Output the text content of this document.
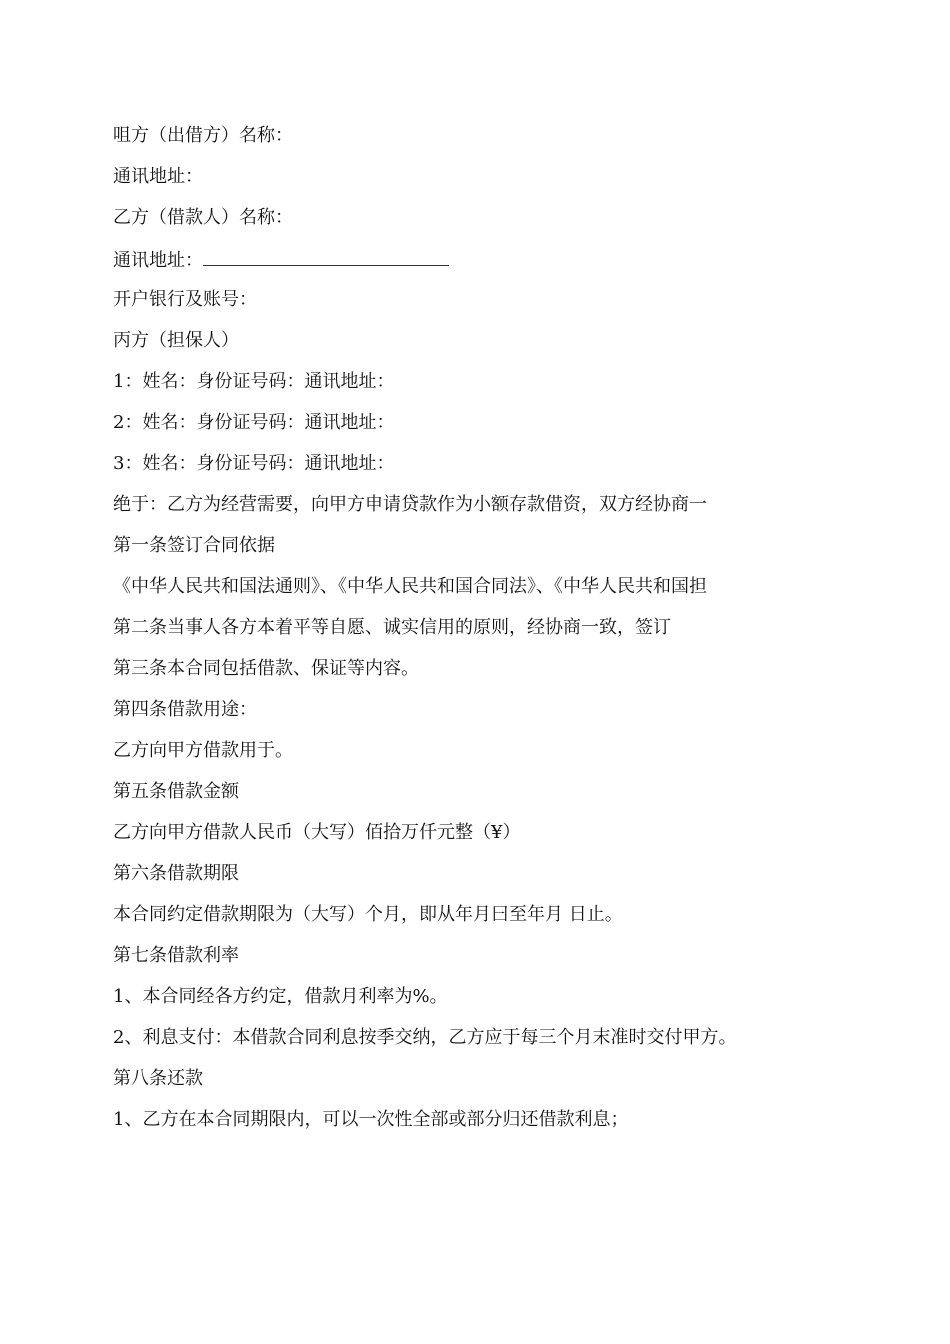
咀方（出借方）名称：
通讯地址：
乙方（借款人）名称：
通讯地址：
开户银行及账号：
丙方（担保人）
1：姓名：身份证号码：通讯地址：
2：姓名：身份证号码：通讯地址：
3：姓名：身份证号码：通讯地址：
绝于：乙方为经营需要，向甲方申请贷款作为小额存款借资，双方经协商一
第一条签订合同依据
《中华人民共和国法通则》、《中华人民共和国合同法》、《中华人民共和国担
第二条当事人各方本着平等自愿、诚实信用的原则，经协商一致，签订
第三条本合同包括借款、保证等内容。
第四条借款用途：
乙方向甲方借款用于。
第五条借款金额
乙方向甲方借款人民币（大写）佰拾万仟元整（¥）
第六条借款期限
本合同约定借款期限为（大写）个月，即从年月曰至年月 日止。
第七条借款利率
1、本合同经各方约定，借款月利率为%。
2、利息支付：本借款合同利息按季交纳，乙方应于每三个月末准时交付甲方。
第八条还款
1、乙方在本合同期限内，可以一次性全部或部分归还借款利息；
